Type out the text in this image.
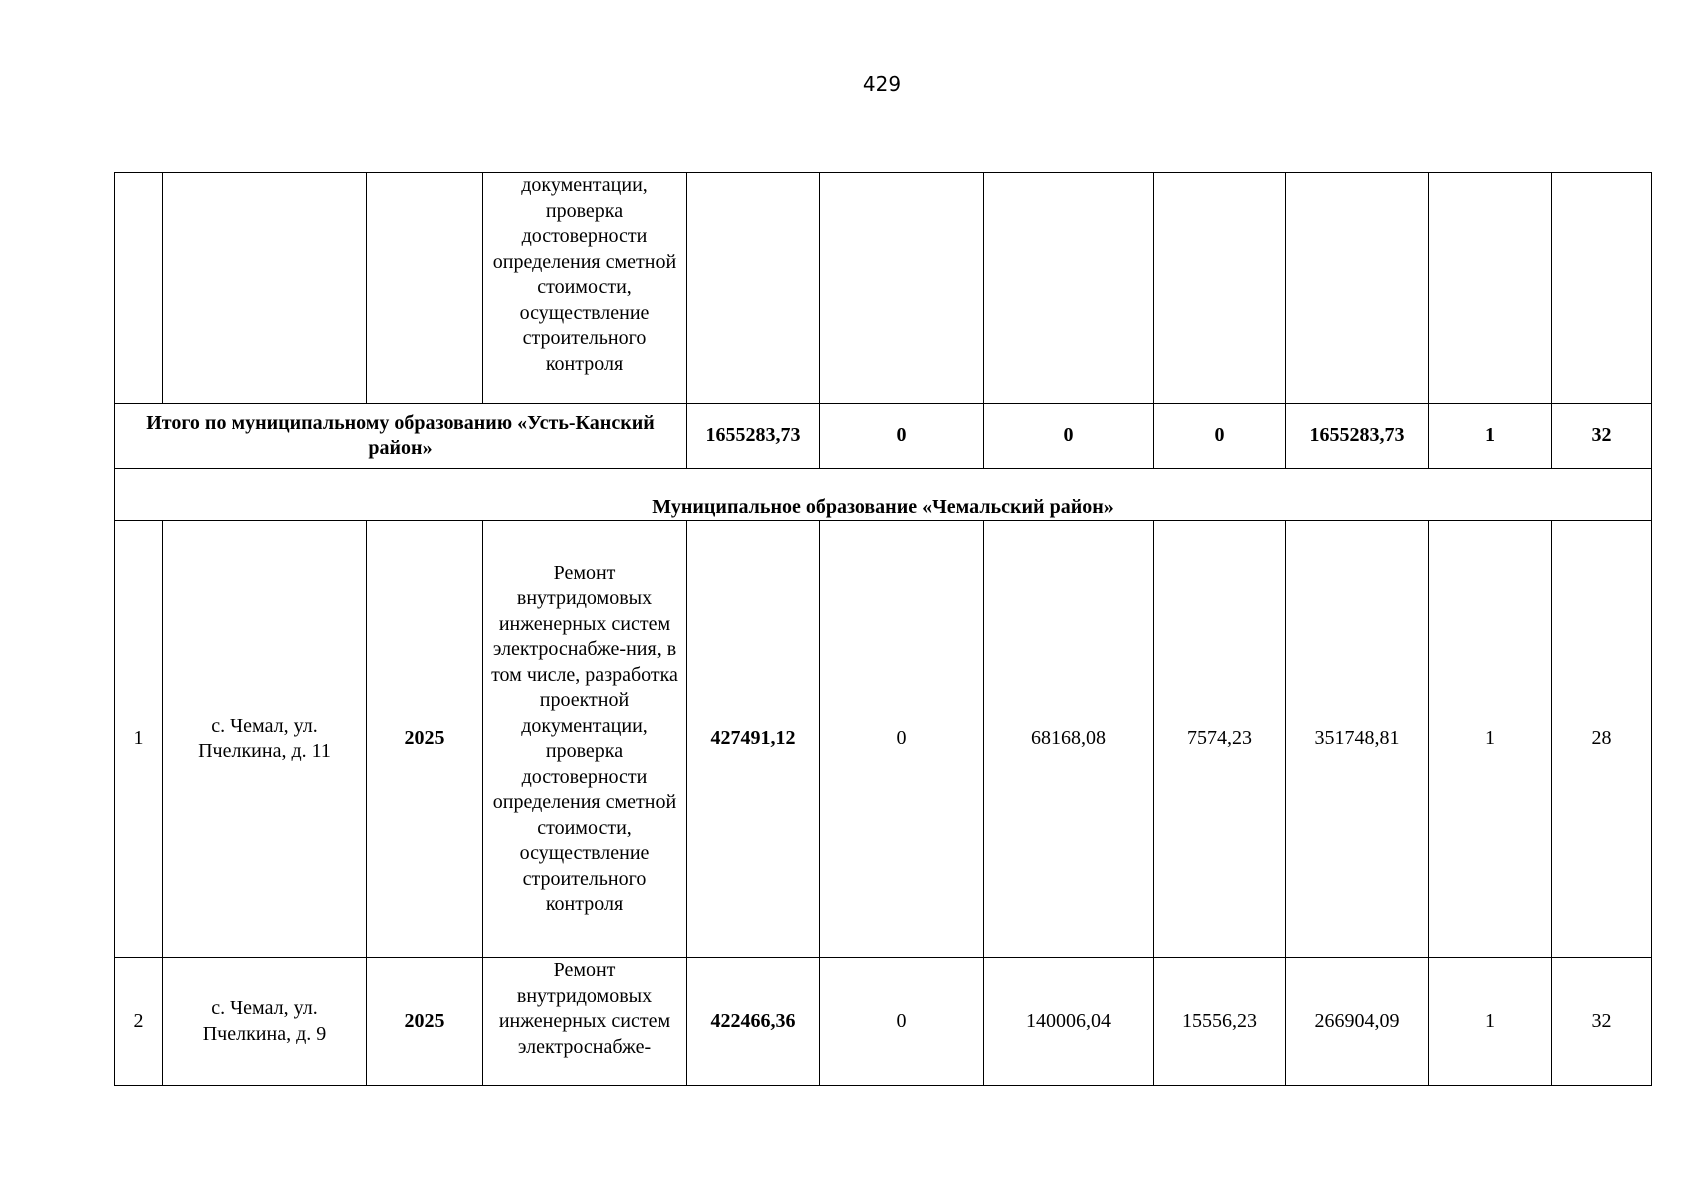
429
			документации, проверка достоверности определения сметной стоимости, осуществление строительного контроля							
Итого по муниципальному образованию «Усть-Канский район»				1655283,73	0	0	0	1655283,73	1	32
Муниципальное образование «Чемальский район»										
1	с. Чемал, ул. Пчелкина, д. 11	2025	Ремонт внутридомовых инженерных систем электроснабже-ния, в том числе, разработка проектной документации, проверка достоверности определения сметной стоимости, осуществление строительного контроля	427491,12	0	68168,08	7574,23	351748,81	1	28
2	с. Чемал, ул. Пчелкина, д. 9	2025	Ремонт внутридомовых инженерных систем электроснабже-	422466,36	0	140006,04	15556,23	266904,09	1	32
